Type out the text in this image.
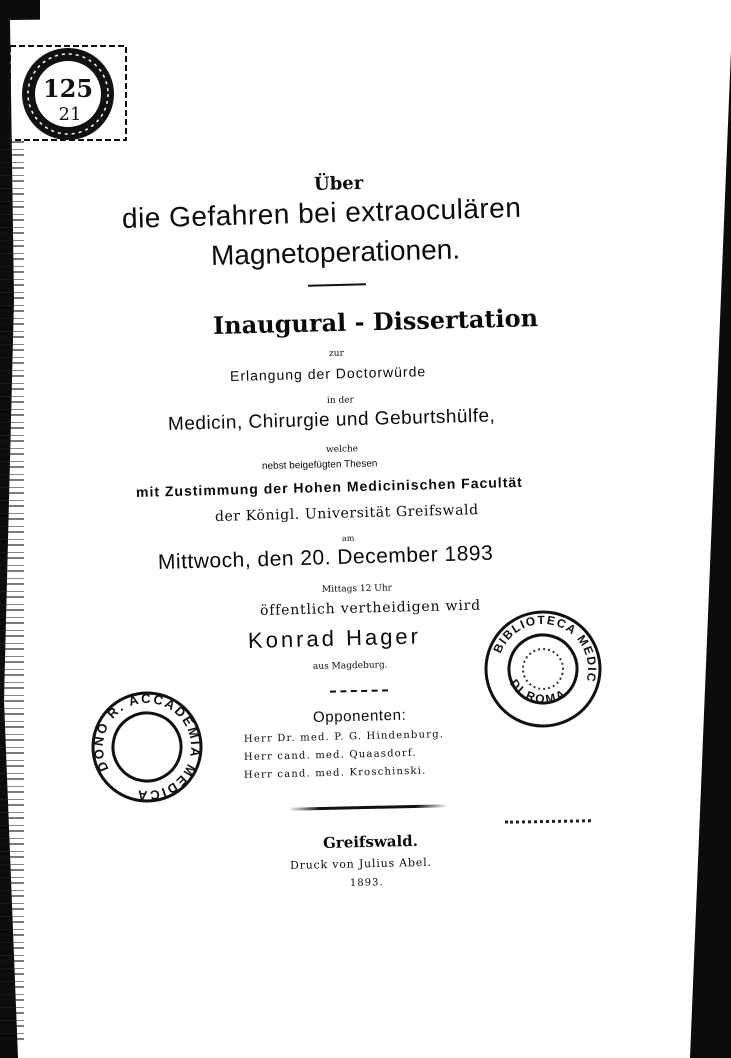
Über
die Gefahren bei extraoculären
Magnetoperationen.
Inaugural - Dissertation
zur
Erlangung der Doctorwürde
in der
Medicin, Chirurgie und Geburtshülfe,
welche
nebst beigefügten Thesen
mit Zustimmung der Hohen Medicinischen Facultät
der Königl. Universität Greifswald
am
Mittwoch, den 20. December 1893
Mittags 12 Uhr
öffentlich vertheidigen wird
Konrad Hager
aus Magdeburg.
Opponenten:
Herr Dr. med. P. G. Hindenburg.
Herr cand. med. Quaasdorf.
Herr cand. med. Kroschinski.
Greifswald.
Druck von Julius Abel.
1893.
125
21
DONO R. ACCADEMIA MEDICA
BIBLIOTECA MEDICA
DI ROMA
